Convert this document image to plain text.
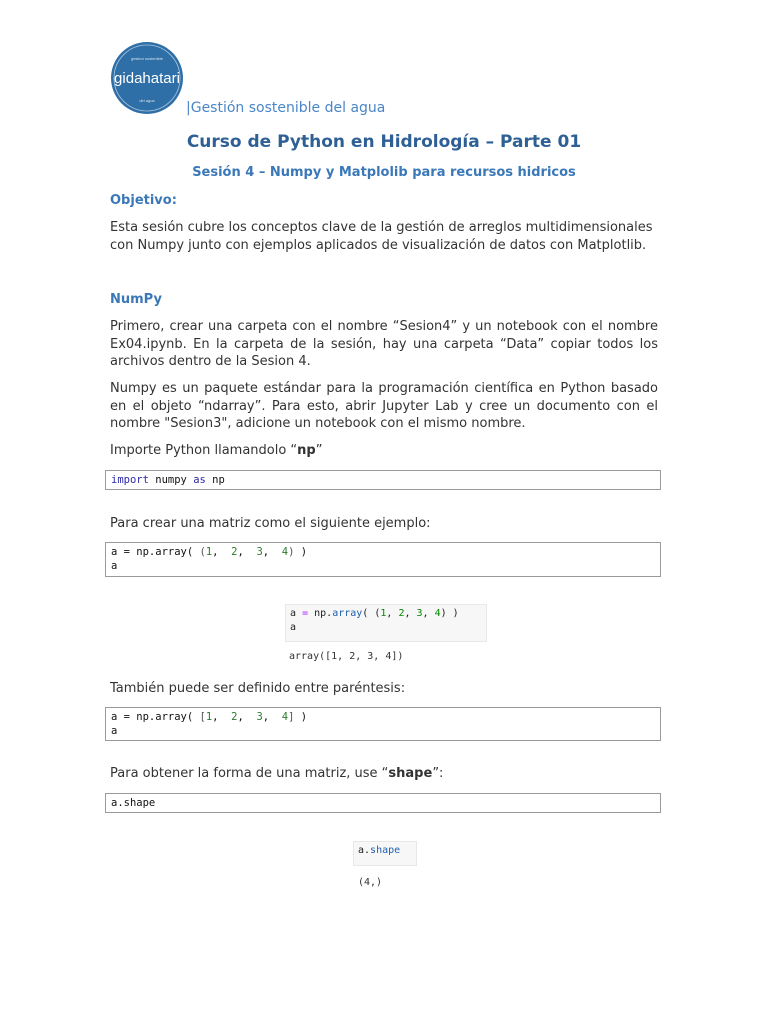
gidahatari
gestion sostenible
del agua |Gestión sostenible del agua
Curso de Python en Hidrología – Parte 01
Sesión 4 – Numpy y Matplolib para recursos hidricos
Objetivo:
Esta sesión cubre los conceptos clave de la gestión de arreglos multidimensionales con Numpy junto con ejemplos aplicados de visualización de datos con Matplotlib.
NumPy
Primero, crear una carpeta con el nombre “Sesion4” y un notebook con el nombre Ex04.ipynb. En la carpeta de la sesión, hay una carpeta “Data” copiar todos los archivos dentro de la Sesion 4.
Numpy es un paquete estándar para la programación científica en Python basado en el objeto “ndarray”. Para esto, abrir Jupyter Lab y cree un documento con el nombre "Sesion3", adicione un notebook con el mismo nombre.
Importe Python llamandolo “np”
import numpy as np
Para crear una matriz como el siguiente ejemplo:
a = np.array( (1,  2,  3,  4) )
a
a = np.array( (1, 2, 3, 4) )
a
array([1, 2, 3, 4])
También puede ser definido entre paréntesis:
a = np.array( [1,  2,  3,  4] )
a
Para obtener la forma de una matriz, use “shape”:
a.shape
a.shape
(4,)
